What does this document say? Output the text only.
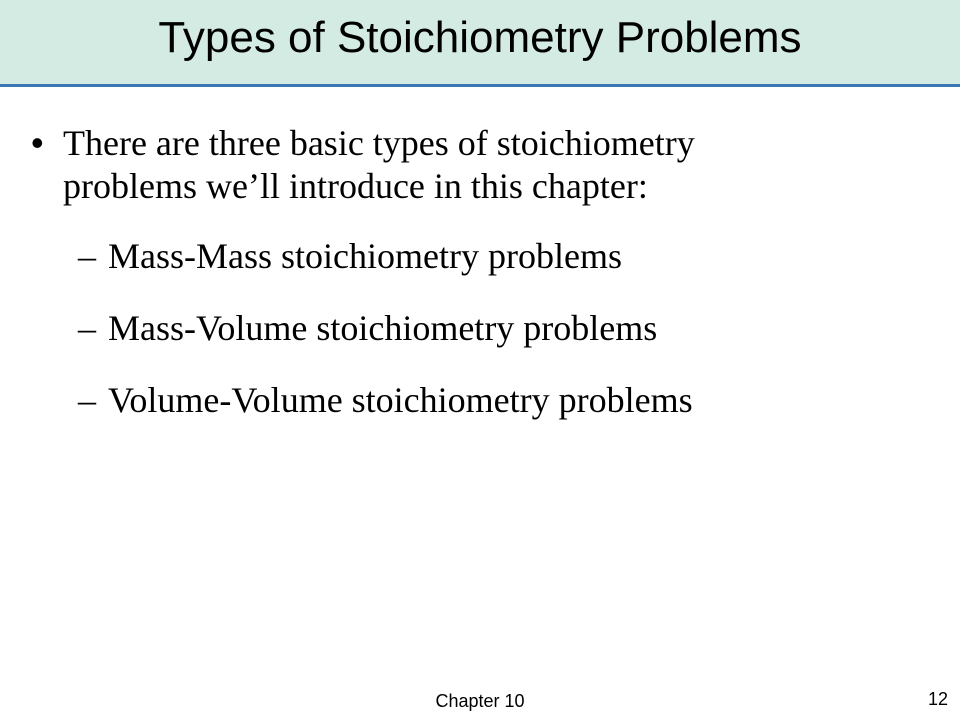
Types of Stoichiometry Problems
• There are three basic types of stoichiometry
problems we’ll introduce in this chapter:
– Mass-Mass stoichiometry problems
– Mass-Volume stoichiometry problems
– Volume-Volume stoichiometry problems
Chapter 10	12
